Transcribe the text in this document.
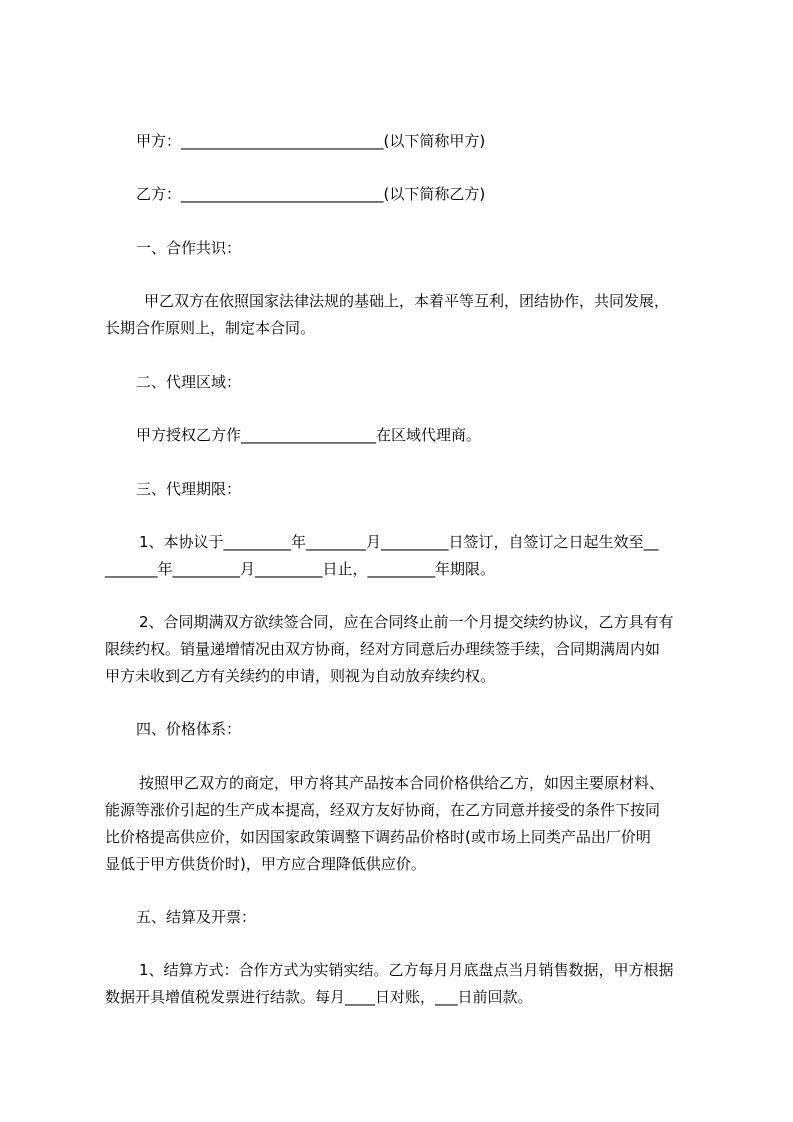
甲方：___________________________(以下简称甲方)

乙方：___________________________(以下简称乙方)

一、合作共识：

甲乙双方在依照国家法律法规的基础上，本着平等互利，团结协作，共同发展，

长期合作原则上，制定本合同。

二、代理区域：

甲方授权乙方作__________________在区域代理商。

三、代理期限：

1、本协议于_________年________月_________日签订，自签订之日起生效至__

_______年_________月_________日止，_________年期限。

2、合同期满双方欲续签合同，应在合同终止前一个月提交续约协议，乙方具有有

限续约权。销量递增情况由双方协商，经对方同意后办理续签手续，合同期满周内如

甲方未收到乙方有关续约的申请，则视为自动放弃续约权。

四、价格体系：

按照甲乙双方的商定，甲方将其产品按本合同价格供给乙方，如因主要原材料、

能源等涨价引起的生产成本提高，经双方友好协商，在乙方同意并接受的条件下按同

比价格提高供应价，如因国家政策调整下调药品价格时(或市场上同类产品出厂价明

显低于甲方供货价时)，甲方应合理降低供应价。

五、结算及开票：

1、结算方式：合作方式为实销实结。乙方每月月底盘点当月销售数据，甲方根据

数据开具增值税发票进行结款。每月____日对账，___日前回款。
